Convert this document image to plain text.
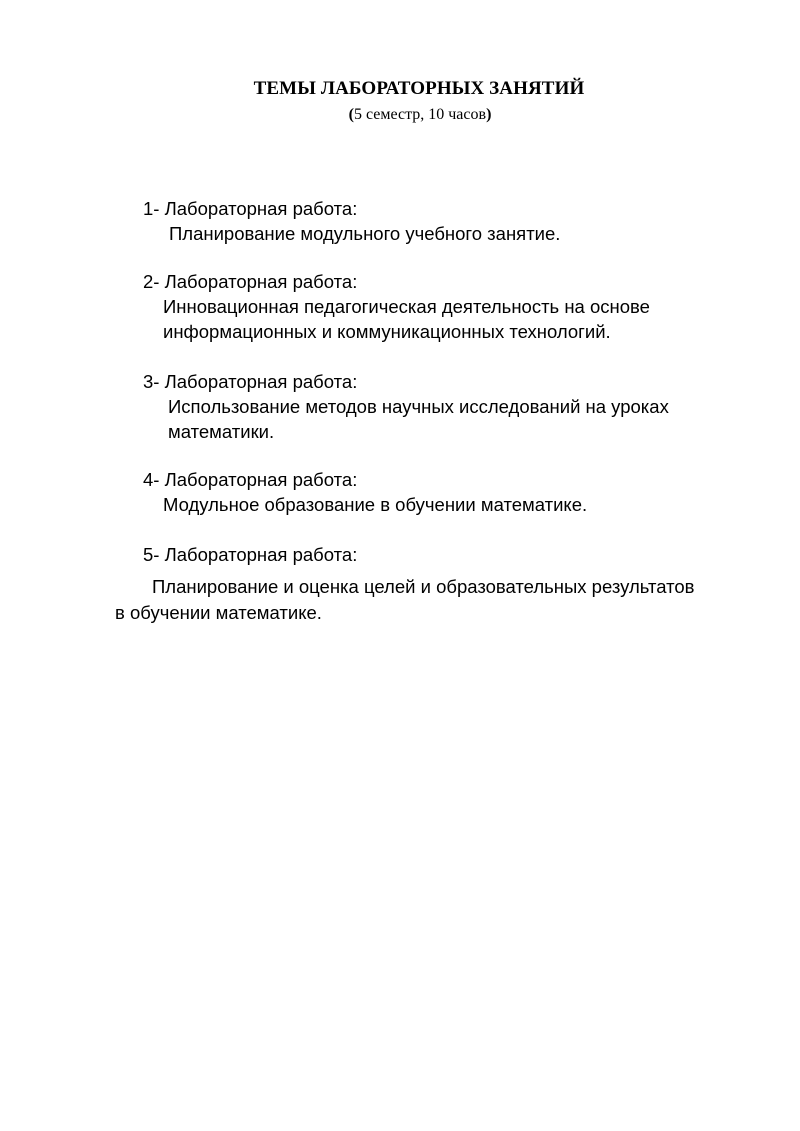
ТЕМЫ ЛАБОРАТОРНЫХ ЗАНЯТИЙ
(5 семестр, 10 часов)
1- Лабораторная работа:
Планирование модульного учебного занятие.
2- Лабораторная работа:
Инновационная педагогическая деятельность на основе
информационных и коммуникационных технологий.
3- Лабораторная работа:
Использование методов научных исследований на уроках
математики.
4- Лабораторная работа:
Модульное образование в обучении математике.
5- Лабораторная работа:
Планирование и оценка целей и образовательных результатов
в обучении математике.
